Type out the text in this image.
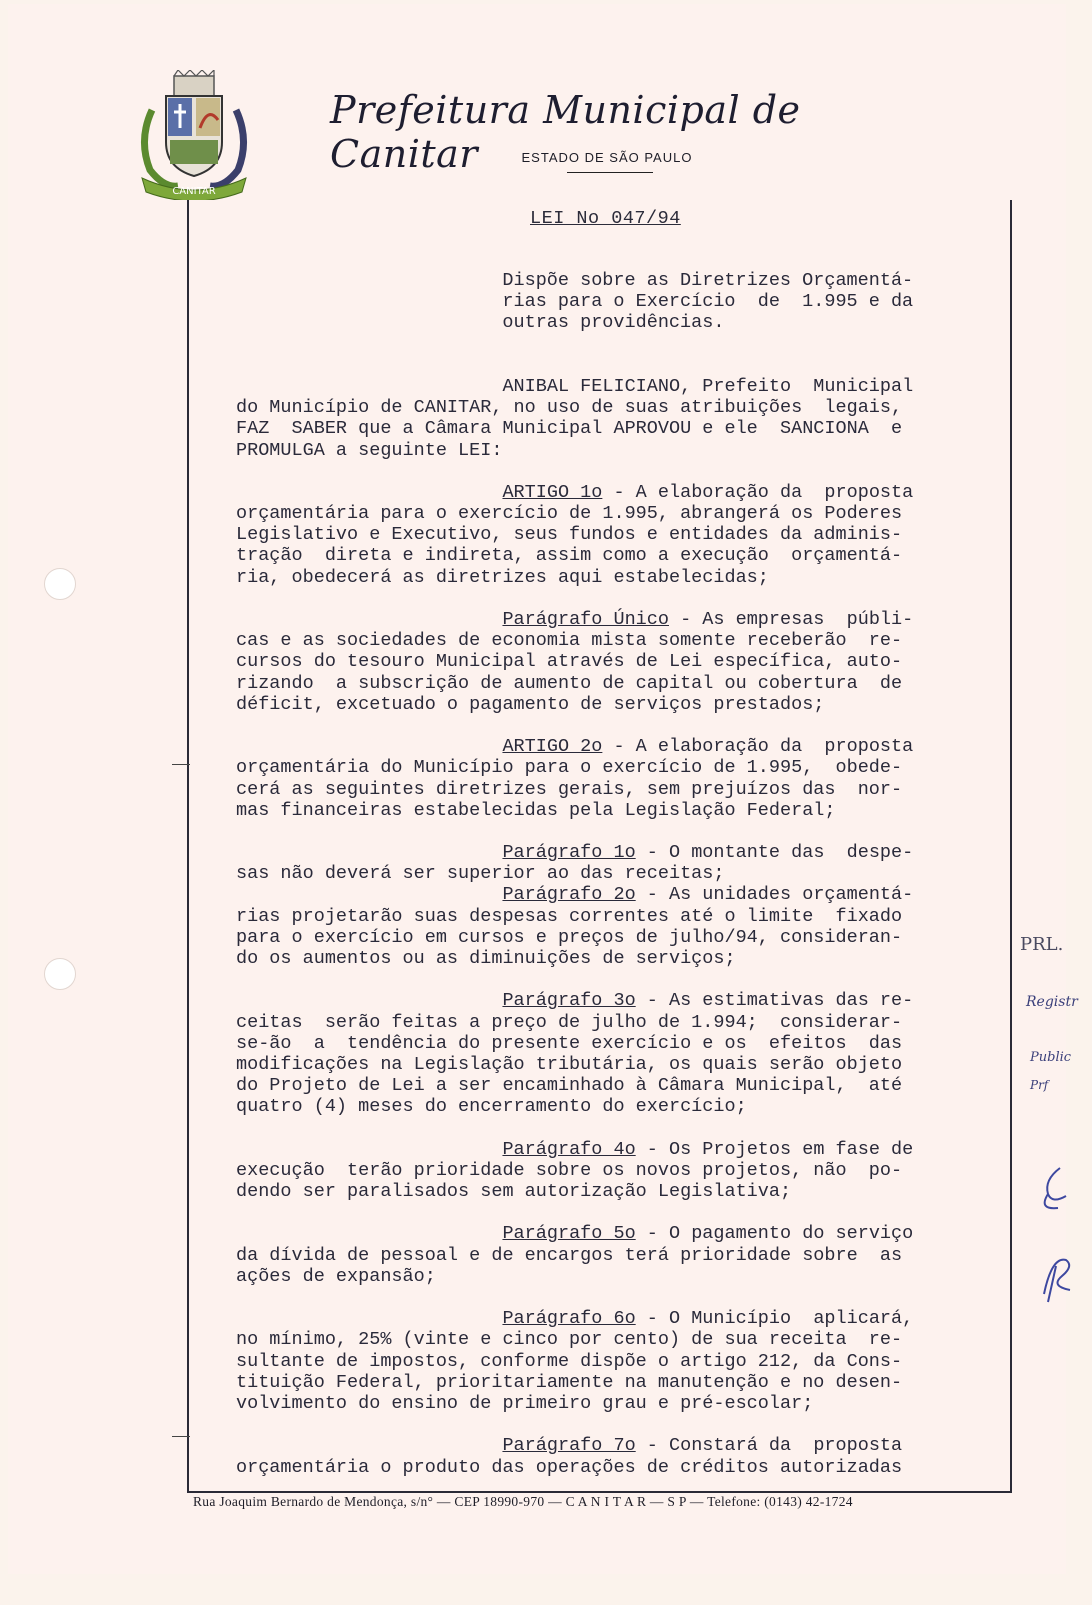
CANITAR
Prefeitura Municipal de Canitar	ESTADO DE SÃO PAULO
LEI No 047/94
Dispõe sobre as Diretrizes Orçamentá-
rias para o Exercício  de  1.995 e da
outras providências.
ANIBAL FELICIANO, Prefeito  Municipal
do Município de CANITAR, no uso de suas atribuições  legais,
FAZ  SABER que a Câmara Municipal APROVOU e ele  SANCIONA  e
PROMULGA a seguinte LEI:
ARTIGO 1o - A elaboração da  proposta
orçamentária para o exercício de 1.995, abrangerá os Poderes
Legislativo e Executivo, seus fundos e entidades da adminis-
tração  direta e indireta, assim como a execução  orçamentá-
ria, obedecerá as diretrizes aqui estabelecidas;
Parágrafo Único - As empresas  públi-
cas e as sociedades de economia mista somente receberão  re-
cursos do tesouro Municipal através de Lei específica, auto-
rizando  a subscrição de aumento de capital ou cobertura  de
déficit, excetuado o pagamento de serviços prestados;
ARTIGO 2o - A elaboração da  proposta
orçamentária do Município para o exercício de 1.995,  obede-
cerá as seguintes diretrizes gerais, sem prejuízos das  nor-
mas financeiras estabelecidas pela Legislação Federal;
Parágrafo 1o - O montante das  despe-
sas não deverá ser superior ao das receitas;
Parágrafo 2o - As unidades orçamentá-
rias projetarão suas despesas correntes até o limite  fixado
para o exercício em cursos e preços de julho/94, consideran-
do os aumentos ou as diminuições de serviços;
Parágrafo 3o - As estimativas das re-
ceitas  serão feitas a preço de julho de 1.994;  considerar-
se-ão  a  tendência do presente exercício e os  efeitos  das
modificações na Legislação tributária, os quais serão objeto
do Projeto de Lei a ser encaminhado à Câmara Municipal,  até
quatro (4) meses do encerramento do exercício;
Parágrafo 4o - Os Projetos em fase de
execução  terão prioridade sobre os novos projetos, não  po-
dendo ser paralisados sem autorização Legislativa;
Parágrafo 5o - O pagamento do serviço
da dívida de pessoal e de encargos terá prioridade sobre  as
ações de expansão;
Parágrafo 6o - O Município  aplicará,
no mínimo, 25% (vinte e cinco por cento) de sua receita  re-
sultante de impostos, conforme dispõe o artigo 212, da Cons-
tituição Federal, prioritariamente na manutenção e no desen-
volvimento do ensino de primeiro grau e pré-escolar;
Parágrafo 7o - Constará da  proposta
orçamentária o produto das operações de créditos autorizadas
PRL.
Registr
Public
Prf
Rua Joaquim Bernardo de Mendonça, s/n° — CEP 18990-970 — C A N I T A R — S P — Telefone: (0143) 42-1724
